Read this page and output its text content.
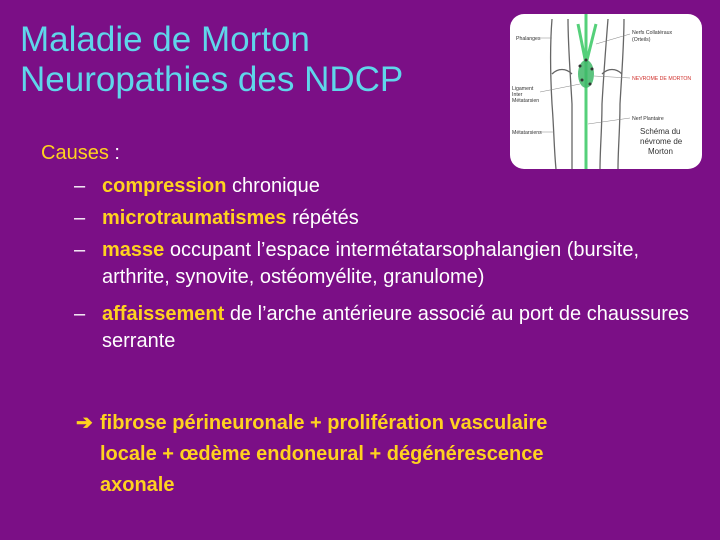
Maladie de Morton
Neuropathies des NDCP
Phalanges
Nerfs Collatéraux
(Orteils)
NEVROME DE MORTON
Ligament
Inter
Métatarsien
Nerf Plantaire
Métatarsiens	Schéma du
névrome de
Morton

Causes :

– compression chronique
– microtraumatismes répétés
– masse occupant l’espace intermétatarsophalangien (bursite, arthrite, synovite, ostéomyélite, granulome)
– affaissement de l’arche antérieure associé au port de chaussures serrante
➔ fibrose périneuronale + prolifération vasculaire

locale + œdème endoneural + dégénérescence

axonale
